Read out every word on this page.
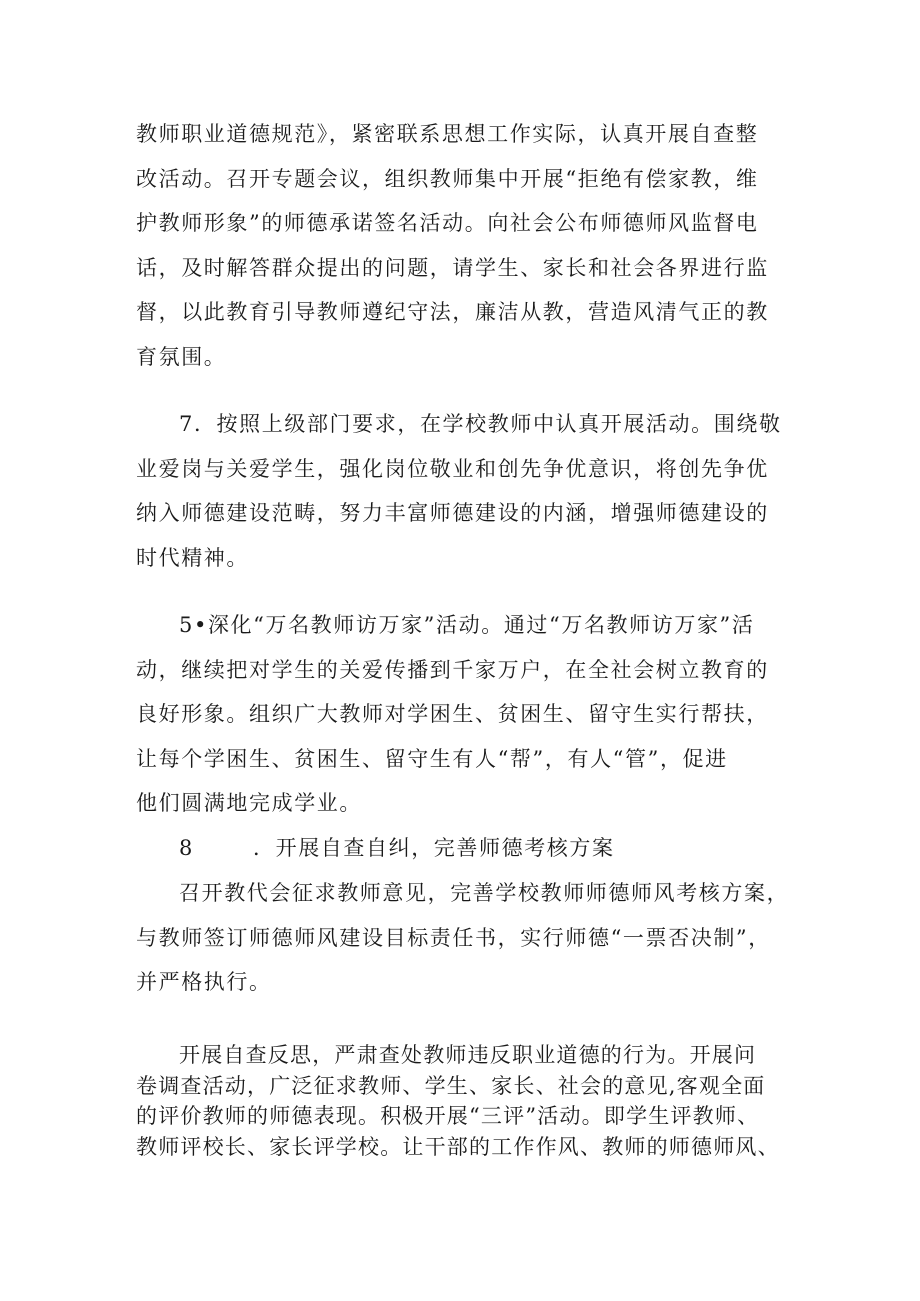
教师职业道德规范》，紧密联系思想工作实际，认真开展自查整
改活动。召开专题会议，组织教师集中开展“拒绝有偿家教，维
护教师形象”的师德承诺签名活动。向社会公布师德师风监督电
话，及时解答群众提出的问题，请学生、家长和社会各界进行监
督，以此教育引导教师遵纪守法，廉洁从教，营造风清气正的教
育氛围。
7．按照上级部门要求，在学校教师中认真开展活动。围绕敬
业爱岗与关爱学生，强化岗位敬业和创先争优意识，将创先争优
纳入师德建设范畴，努力丰富师德建设的内涵，增强师德建设的
时代精神。
5•深化“万名教师访万家”活动。通过“万名教师访万家”活
动，继续把对学生的关爱传播到千家万户，在全社会树立教育的
良好形象。组织广大教师对学困生、贫困生、留守生实行帮扶，
让每个学困生、贫困生、留守生有人“帮”，有人“管”，促进
他们圆满地完成学业。
8	．开展自查自纠，完善师德考核方案
召开教代会征求教师意见，完善学校教师师德师风考核方案，
与教师签订师德师风建设目标责任书，实行师德“一票否决制”，
并严格执行。
开展自查反思，严肃查处教师违反职业道德的行为。开展问
卷调查活动，广泛征求教师、学生、家长、社会的意见,客观全面
的评价教师的师德表现。积极开展“三评”活动。即学生评教师、
教师评校长、家长评学校。让干部的工作作风、教师的师德师风、
